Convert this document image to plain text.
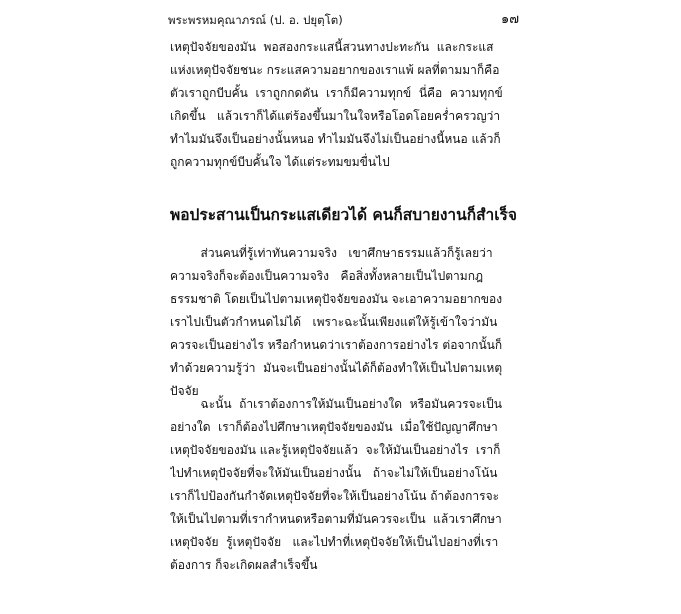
พระพรหมคุณาภรณ์ (ป. อ. ปยุตฺโต)	๑๗
เหตุปัจจัยของมัน  พอสองกระแสนี้สวนทางปะทะกัน  และกระแส
แห่งเหตุปัจจัยชนะ กระแสความอยากของเราแพ้ ผลที่ตามมาก็คือ
ตัวเราถูกบีบคั้น  เราถูกกดดัน  เราก็มีความทุกข์  นี่คือ  ความทุกข์
เกิดขึ้น   แล้วเราก็ได้แต่ร้องขึ้นมาในใจหรือโอดโอยคร่ำครวญว่า
ทำไมมันจึงเป็นอย่างนั้นหนอ ทำไมมันจึงไม่เป็นอย่างนี้หนอ แล้วก็
ถูกความทุกข์บีบคั้นใจ ได้แต่ระทมขมขื่นไป
พอประสานเป็นกระแสเดียวได้ คนก็สบายงานก็สำเร็จ
ส่วนคนที่รู้เท่าทันความจริง   เขาศึกษาธรรมแล้วก็รู้เลยว่า
ความจริงก็จะต้องเป็นความจริง   คือสิ่งทั้งหลายเป็นไปตามกฎ
ธรรมชาติ โดยเป็นไปตามเหตุปัจจัยของมัน จะเอาความอยากของ
เราไปเป็นตัวกำหนดไม่ได้   เพราะฉะนั้นเพียงแต่ให้รู้เข้าใจว่ามัน
ควรจะเป็นอย่างไร หรือกำหนดว่าเราต้องการอย่างไร ต่อจากนั้นก็
ทำด้วยความรู้ว่า  มันจะเป็นอย่างนั้นได้ก็ต้องทำให้เป็นไปตามเหตุ
ปัจจัย
ฉะนั้น  ถ้าเราต้องการให้มันเป็นอย่างใด  หรือมันควรจะเป็น
อย่างใด  เราก็ต้องไปศึกษาเหตุปัจจัยของมัน  เมื่อใช้ปัญญาศึกษา
เหตุปัจจัยของมัน และรู้เหตุปัจจัยแล้ว  จะให้มันเป็นอย่างไร  เราก็
ไปทำเหตุปัจจัยที่จะให้มันเป็นอย่างนั้น   ถ้าจะไม่ให้เป็นอย่างโน้น
เราก็ไปป้องกันกำจัดเหตุปัจจัยที่จะให้เป็นอย่างโน้น ถ้าต้องการจะ
ให้เป็นไปตามที่เรากำหนดหรือตามที่มันควรจะเป็น  แล้วเราศึกษา
เหตุปัจจัย  รู้เหตุปัจจัย   และไปทำที่เหตุปัจจัยให้เป็นไปอย่างที่เรา
ต้องการ ก็จะเกิดผลสำเร็จขึ้น
